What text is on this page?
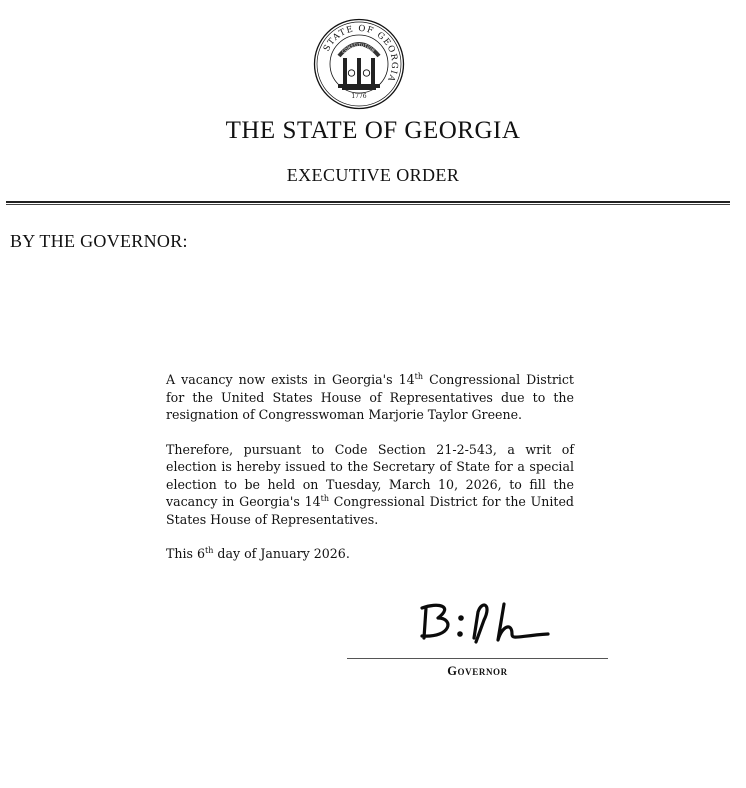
STATE OF GEORGIA
CONSTITUTION
1776
THE STATE OF GEORGIA
EXECUTIVE ORDER
BY THE GOVERNOR:

A vacancy now exists in Georgia's 14th Congressional District for the United States House of Representatives due to the resignation of Congresswoman Marjorie Taylor Greene.

Therefore, pursuant to Code Section 21-2-543, a writ of election is hereby issued to the Secretary of State for a special election to be held on Tuesday, March 10, 2026, to fill the vacancy in Georgia's 14th Congressional District for the United States House of Representatives.

This 6th day of January 2026.

Governor
